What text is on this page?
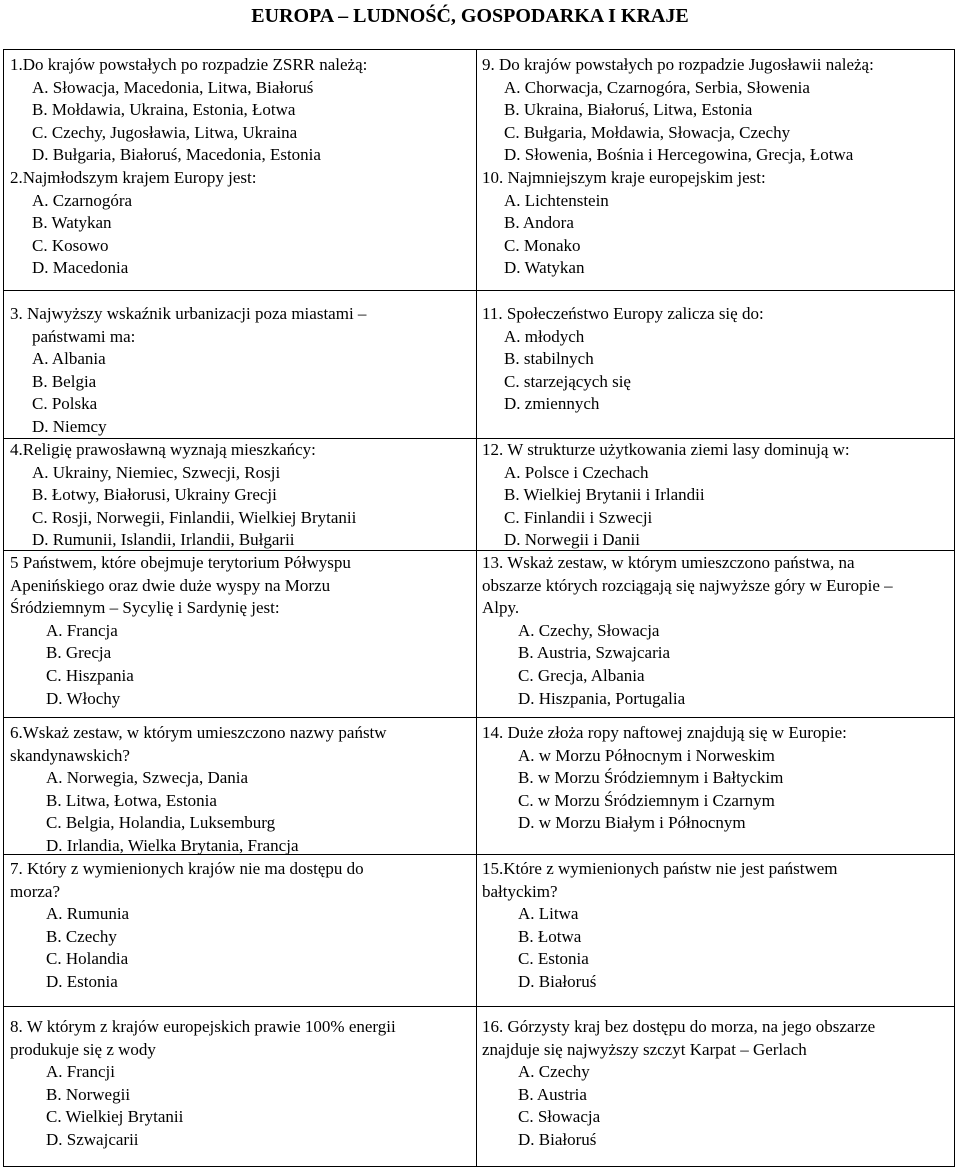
EUROPA – LUDNOŚĆ, GOSPODARKA I KRAJE
1.Do krajów powstałych po rozpadzie ZSRR należą:
A. Słowacja, Macedonia, Litwa, Białoruś
B. Mołdawia, Ukraina, Estonia, Łotwa
C. Czechy, Jugosławia, Litwa, Ukraina
D. Bułgaria, Białoruś, Macedonia, Estonia
2.Najmłodszym krajem Europy jest:
A. Czarnogóra
B. Watykan
C. Kosowo
D. Macedonia
3. Najwyższy wskaźnik urbanizacji poza miastami –
państwami ma:
A. Albania
B. Belgia
C. Polska
D. Niemcy
4.Religię prawosławną wyznają mieszkańcy:
A. Ukrainy, Niemiec, Szwecji, Rosji
B. Łotwy, Białorusi, Ukrainy Grecji
C. Rosji, Norwegii, Finlandii, Wielkiej Brytanii
D. Rumunii, Islandii, Irlandii, Bułgarii
5 Państwem, które obejmuje terytorium Półwyspu
Apenińskiego oraz dwie duże wyspy na Morzu
Śródziemnym – Sycylię i Sardynię jest:
A. Francja
B. Grecja
C. Hiszpania
D. Włochy
6.Wskaż zestaw, w którym umieszczono nazwy państw
skandynawskich?
A. Norwegia, Szwecja, Dania
B. Litwa, Łotwa, Estonia
C. Belgia, Holandia, Luksemburg
D. Irlandia, Wielka Brytania, Francja
7. Który z wymienionych krajów nie ma dostępu do
morza?
A. Rumunia
B. Czechy
C. Holandia
D. Estonia
8. W którym z krajów europejskich prawie 100% energii
produkuje się z wody
A. Francji
B. Norwegii
C. Wielkiej Brytanii
D. Szwajcarii
9. Do krajów powstałych po rozpadzie Jugosławii należą:
A. Chorwacja, Czarnogóra, Serbia, Słowenia
B. Ukraina, Białoruś, Litwa, Estonia
C. Bułgaria, Mołdawia, Słowacja, Czechy
D. Słowenia, Bośnia i Hercegowina, Grecja, Łotwa
10. Najmniejszym kraje europejskim jest:
A. Lichtenstein
B. Andora
C. Monako
D. Watykan
11. Społeczeństwo Europy zalicza się do:
A. młodych
B. stabilnych
C. starzejących się
D. zmiennych
12. W strukturze użytkowania ziemi lasy dominują w:
A. Polsce i Czechach
B. Wielkiej Brytanii i Irlandii
C. Finlandii i Szwecji
D. Norwegii i Danii
13. Wskaż zestaw, w którym umieszczono państwa, na
obszarze których rozciągają się najwyższe góry w Europie –
Alpy.
A. Czechy, Słowacja
B. Austria, Szwajcaria
C. Grecja, Albania
D. Hiszpania, Portugalia
14. Duże złoża ropy naftowej znajdują się w Europie:
A. w Morzu Północnym i Norweskim
B. w Morzu Śródziemnym i Bałtyckim
C. w Morzu Śródziemnym i Czarnym
D. w Morzu Białym i Północnym
15.Które z wymienionych państw nie jest państwem
bałtyckim?
A. Litwa
B. Łotwa
C. Estonia
D. Białoruś
16. Górzysty kraj bez dostępu do morza, na jego obszarze
znajduje się najwyższy szczyt Karpat – Gerlach
A. Czechy
B. Austria
C. Słowacja
D. Białoruś
